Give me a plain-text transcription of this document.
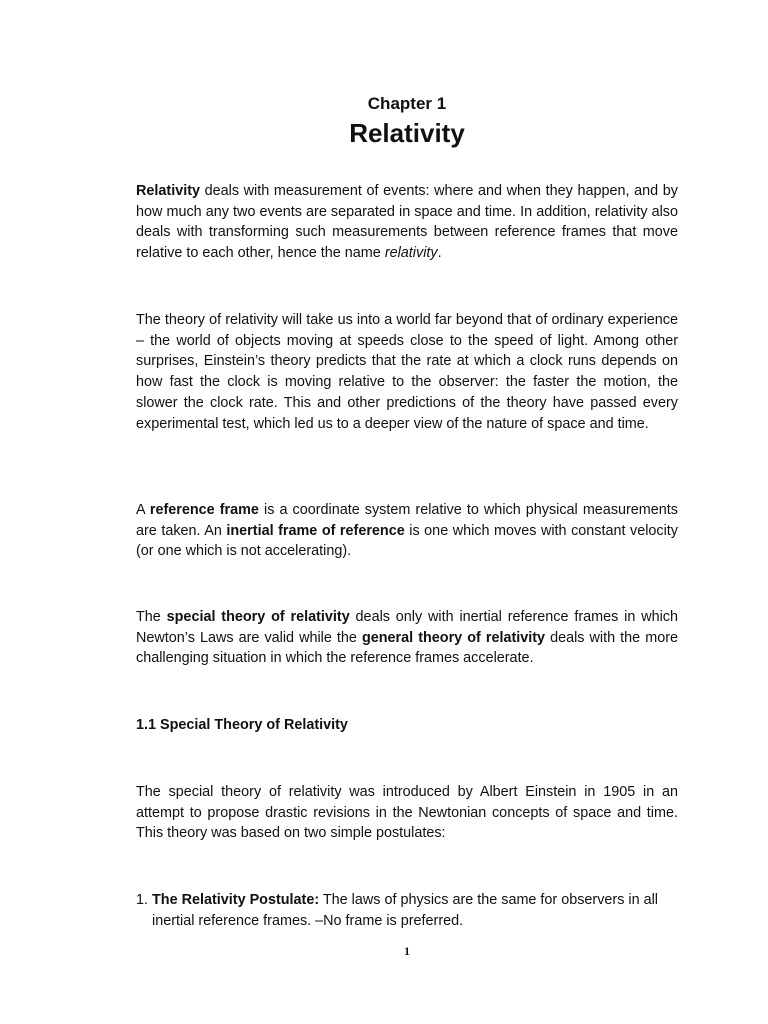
Chapter 1
Relativity

Relativity deals with measurement of events: where and when they happen, and by how much any two events are separated in space and time. In addition, relativity also deals with transforming such measurements between reference frames that move relative to each other, hence the name relativity.

The theory of relativity will take us into a world far beyond that of ordinary experience – the world of objects moving at speeds close to the speed of light. Among other surprises, Einstein’s theory predicts that the rate at which a clock runs depends on how fast the clock is moving relative to the observer: the faster the motion, the slower the clock rate. This and other predictions of the theory have passed every experimental test, which led us to a deeper view of the nature of space and time.

A reference frame is a coordinate system relative to which physical measurements are taken. An inertial frame of reference is one which moves with constant velocity (or one which is not accelerating).

The special theory of relativity deals only with inertial reference frames in which Newton’s Laws are valid while the general theory of relativity deals with the more challenging situation in which the reference frames accelerate.

1.1 Special Theory of Relativity

The special theory of relativity was introduced by Albert Einstein in 1905 in an attempt to propose drastic revisions in the Newtonian concepts of space and time. This theory was based on two simple postulates:

1. The Relativity Postulate: The laws of physics are the same for observers in all inertial reference frames. –No frame is preferred.
1
